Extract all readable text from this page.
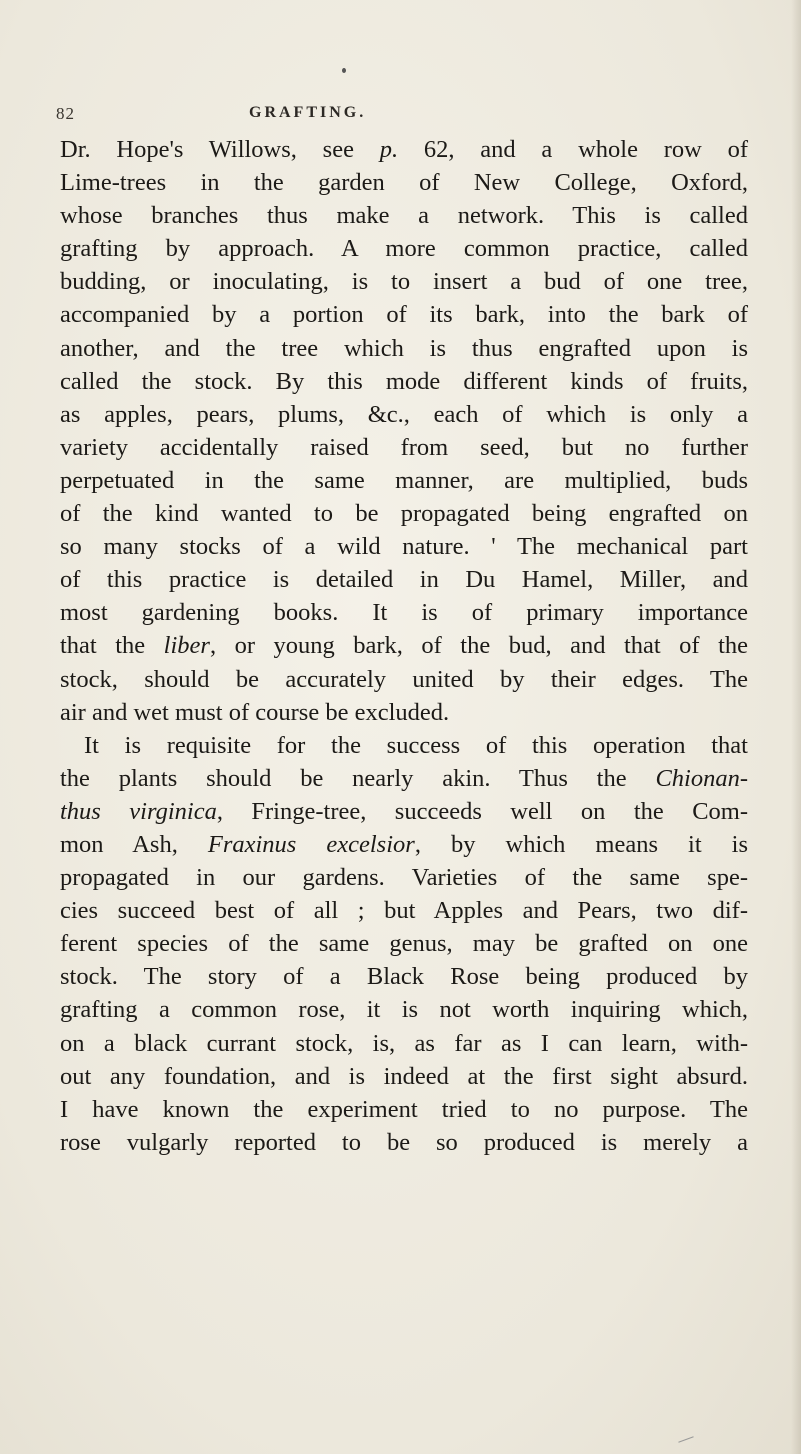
82	GRAFTING.
Dr. Hope's Willows, see p. 62, and a whole row of
Lime-trees in the garden of New College, Oxford,
whose branches thus make a network. This is called
grafting by approach. A more common practice, called
budding, or inoculating, is to insert a bud of one tree,
accompanied by a portion of its bark, into the bark of
another, and the tree which is thus engrafted upon is
called the stock. By this mode different kinds of fruits,
as apples, pears, plums, &c., each of which is only a
variety accidentally raised from seed, but no further
perpetuated in the same manner, are multiplied, buds
of the kind wanted to be propagated being engrafted on
so many stocks of a wild nature. ' The mechanical part
of this practice is detailed in Du Hamel, Miller, and
most gardening books. It is of primary importance
that the liber, or young bark, of the bud, and that of the
stock, should be accurately united by their edges. The
air and wet must of course be excluded.
It is requisite for the success of this operation that
the plants should be nearly akin. Thus the Chionan-
thus virginica, Fringe-tree, succeeds well on the Com-
mon Ash, Fraxinus excelsior, by which means it is
propagated in our gardens. Varieties of the same spe-
cies succeed best of all ; but Apples and Pears, two dif-
ferent species of the same genus, may be grafted on one
stock. The story of a Black Rose being produced by
grafting a common rose, it is not worth inquiring which,
on a black currant stock, is, as far as I can learn, with-
out any foundation, and is indeed at the first sight absurd.
I have known the experiment tried to no purpose. The
rose vulgarly reported to be so produced is merely a
